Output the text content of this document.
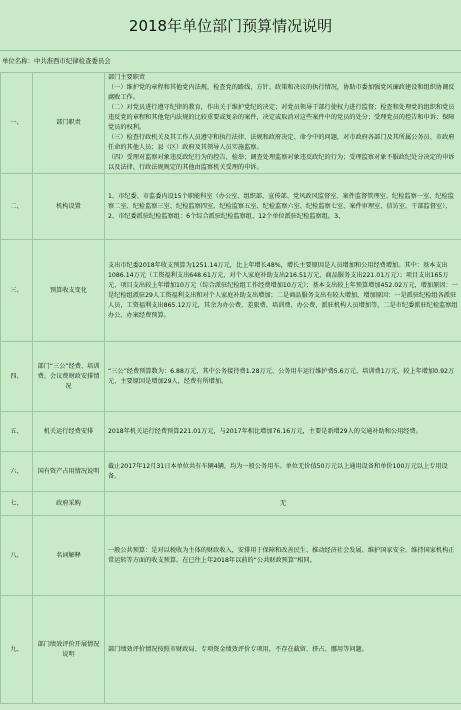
2018年单位部门预算情况说明
单位名称：中共淮西市纪律检查委员会
一、	部门职责	部门主要职责
（一）维护党的章程和其他党内法规，检查党的路线、方针、政策和决议的执行情况，协助市委加强党风廉政建设和组织协调反腐败工作。
（二）对党员进行遵守纪律的教育，作出关于维护党纪的决定；对党员领导干部行使权力进行监督；检查和处理党的组织和党员违反党的章程和其他党内法规的比较重要或复杂的案件，决定或取消对这些案件中的党员的处分；受理党员的控告和申诉；保障党员的权利。
（三）检查行政机关及其工作人员遵守和执行法律、法规和政府决定、命令中的问题，对市政府各部门及其所属公务员、市政府任命的其他人员；县（区）政府及其领导人员实施监察。
（四）受理对监察对象违反政纪行为的控告、检举；调查处理监察对象违反政纪的行为；受理监察对象不服政纪处分决定的申诉以及法律、行政法规规定的其他由监察机关受理的申诉。

二、	机构设置	1、市纪委、市监委内设15个职能科室（办公室、组织部、宣传部、党风政风监督室、案件监督管理室、纪检监察一室、纪检监察二室、纪检监察三室、纪检监察四室、纪检监察五室、纪检监察六室、纪检监察七室、案件审理室、信访室、干部监督室），2、市纪委派驻纪检监察组：6个综合派驻纪检监察组、12个单位派驻纪检监察组。3、

三、	预算收支变化	支出市纪委2018年收支预算为1251.14万元，比上年增长48%，增长主要原因是人员增加和公用经费增加。其中：基本支出1086.14万元（工资福利支出648.61万元，对个人家庭补助支出216.51万元，商品服务支出221.01万元）；项目支出165万元，项目支出较上年增加10万元（综合派驻纪检组工作经费增加10万元）；基本支出较上年预算增加452.02万元，增加原因：一是纪检组派驻29人工资福利支出和对个人家庭补助支出增加；二是商品服务支出有较大增加，增加原因：一是派驻纪检组各派驻人员，工资福利支出865.12万元，其余为办公费、差旅费、培训费、办公费，派驻机构人员增加等，二是市纪委派驻纪检监察组办公、办案经费预算。

四、	部门“三公”经费、培训费、会议费财政安排情况	“三公”经费预算数为：6.88万元，其中公务接待费1.28万元、公务用车运行维护费5.6万元、培训费1万元、较上年增加0.92万元，主要原因是增加29人，经费有所增加。

五、	机关运行经费安排	2018年机关运行经费预算221.01万元，与2017年相比增加76.16万元，主要是新增29人的交通补助和公用经费。

六、	国有资产占用情况说明	截止2017年12月31日本单位共有车辆4辆，均为一般公务用车。单位无价值50万元以上通用设备和单价100万元以上专用设备。

七、	政府采购	无

八、	名词解释	一般公共预算：是对以税收为主体的财政收入，安排用于保障和改善民生、推动经济社会发展、维护国家安全、维持国家机构正常运转等方面的收支预算。在已往上年2018年以前的“公共财政预算”相同。

九、	部门绩效评价开展情况说明	部门绩效评价情况按照市财政局、专项资金绩效评价专项用，不存在截留、挤占、挪用等问题。
